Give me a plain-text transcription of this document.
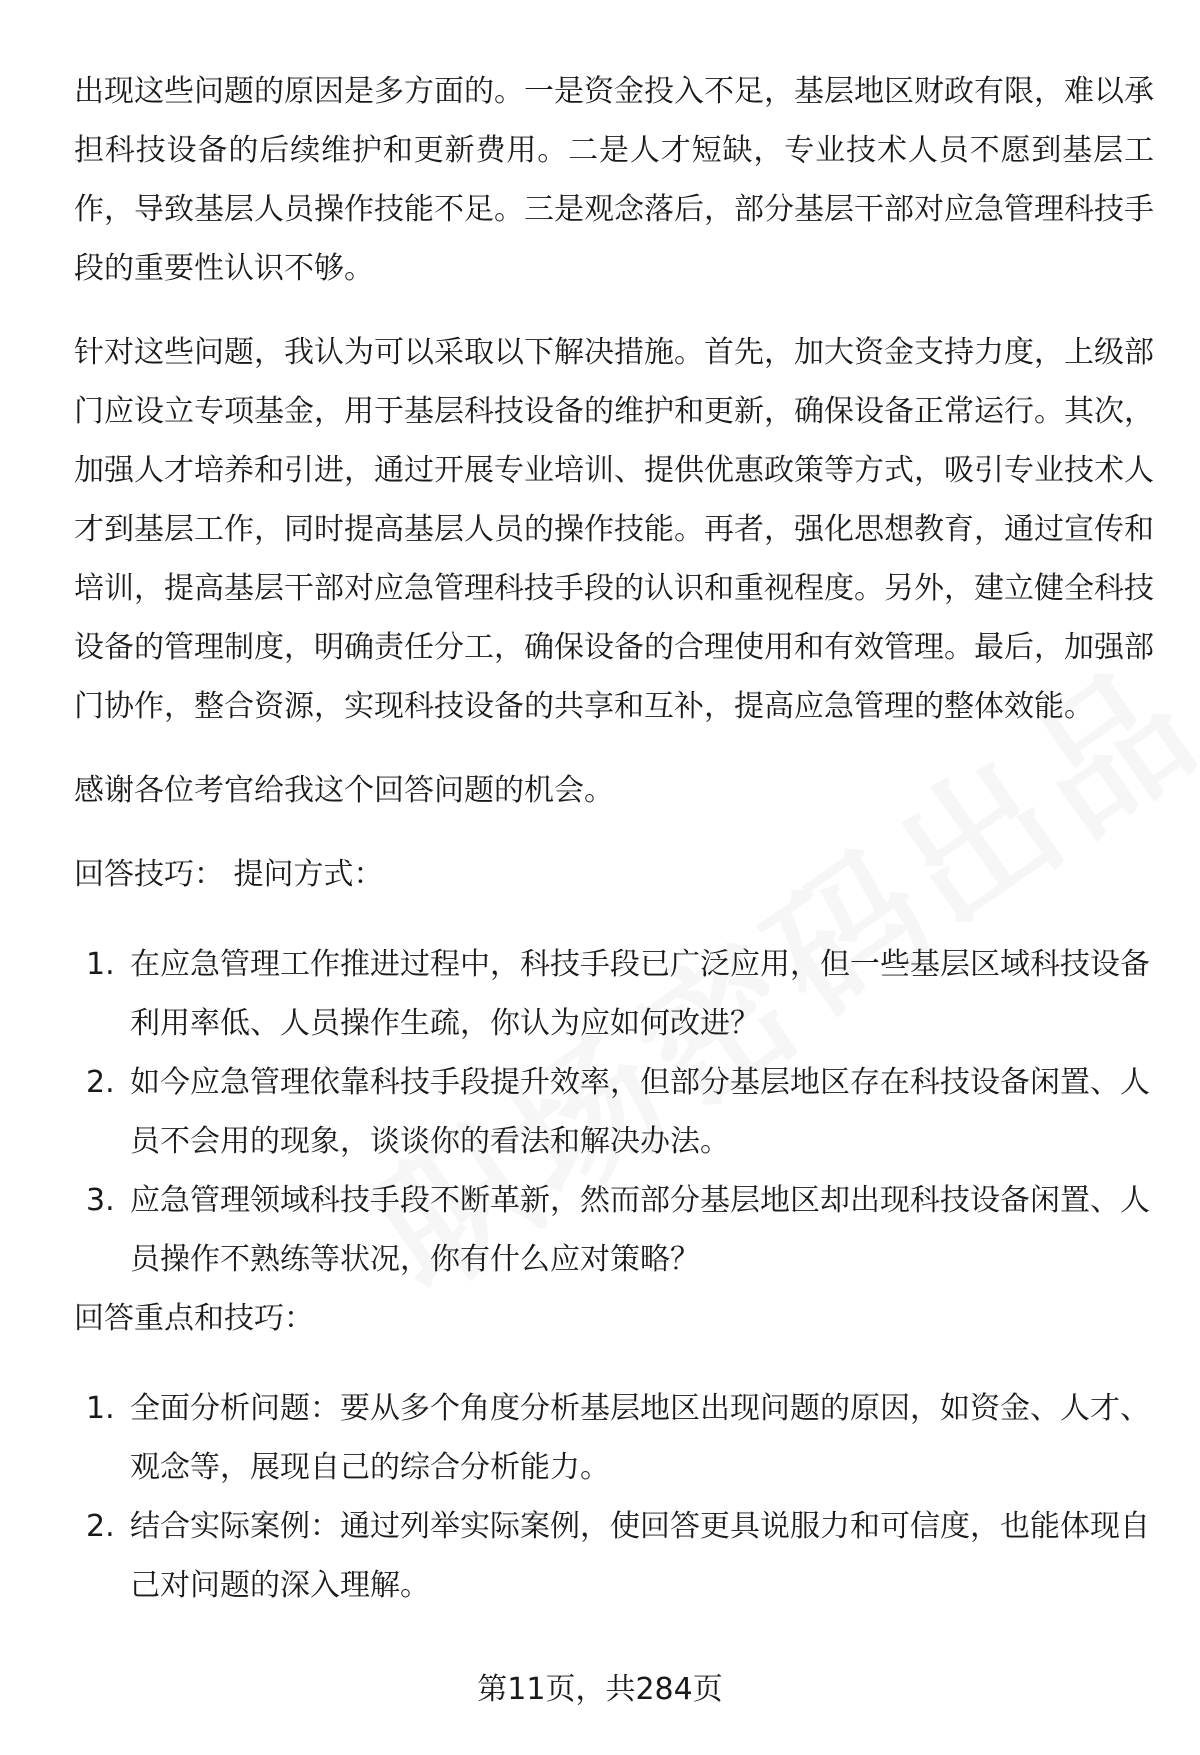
出现这些问题的原因是多方面的。一是资金投入不足，基层地区财政有限，难以承担科技设备的后续维护和更新费用。二是人才短缺，专业技术人员不愿到基层工作，导致基层人员操作技能不足。三是观念落后，部分基层干部对应急管理科技手段的重要性认识不够。

针对这些问题，我认为可以采取以下解决措施。首先，加大资金支持力度，上级部门应设立专项基金，用于基层科技设备的维护和更新，确保设备正常运行。其次，加强人才培养和引进，通过开展专业培训、提供优惠政策等方式，吸引专业技术人才到基层工作，同时提高基层人员的操作技能。再者，强化思想教育，通过宣传和培训，提高基层干部对应急管理科技手段的认识和重视程度。另外，建立健全科技设备的管理制度，明确责任分工，确保设备的合理使用和有效管理。最后，加强部门协作，整合资源，实现科技设备的共享和互补，提高应急管理的整体效能。

感谢各位考官给我这个回答问题的机会。

回答技巧： 提问方式：
1. 在应急管理工作推进过程中，科技手段已广泛应用，但一些基层区域科技设备利用率低、人员操作生疏，你认为应如何改进？
2. 如今应急管理依靠科技手段提升效率，但部分基层地区存在科技设备闲置、人员不会用的现象，谈谈你的看法和解决办法。
3. 应急管理领域科技手段不断革新，然而部分基层地区却出现科技设备闲置、人员操作不熟练等状况，你有什么应对策略？
回答重点和技巧：
1. 全面分析问题：要从多个角度分析基层地区出现问题的原因，如资金、人才、观念等，展现自己的综合分析能力。
2. 结合实际案例：通过列举实际案例，使回答更具说服力和可信度，也能体现自己对问题的深入理解。
第11页，共284页
